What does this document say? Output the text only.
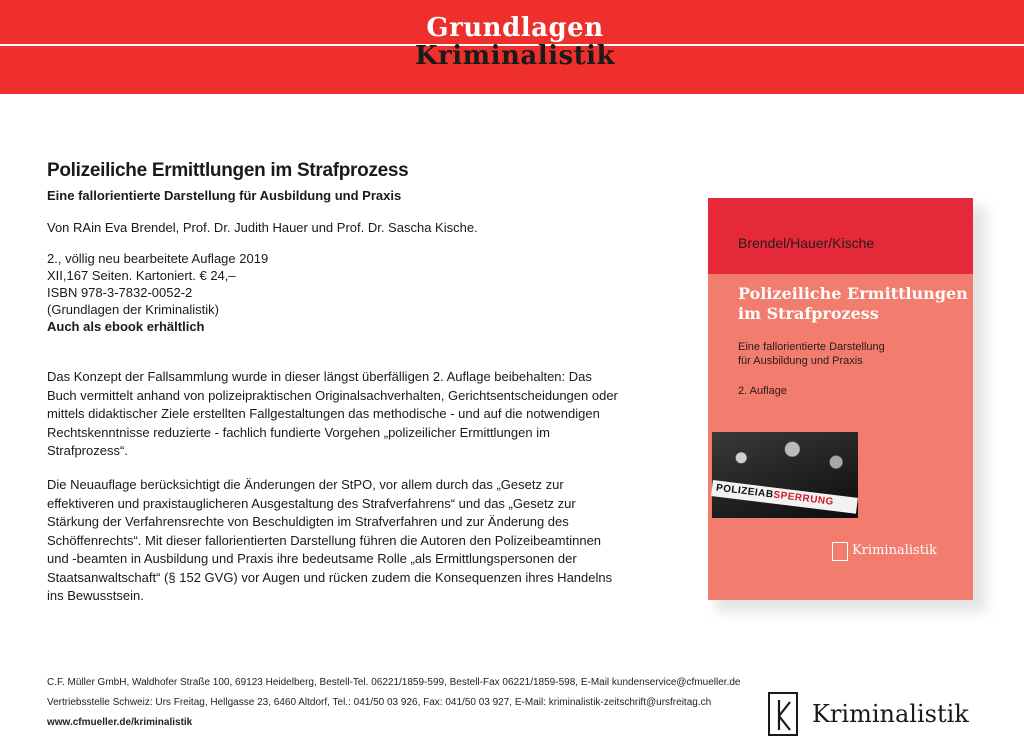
Grundlagen
Kriminalistik
Polizeiliche Ermittlungen im Strafprozess
Eine fallorientierte Darstellung für Ausbildung und Praxis

Von RAin Eva Brendel, Prof. Dr. Judith Hauer und Prof. Dr. Sascha Kische.

2., völlig neu bearbeitete Auflage 2019
XII,167 Seiten. Kartoniert. € 24,–
ISBN 978-3-7832-0052-2
(Grundlagen der Kriminalistik)
Auch als ebook erhältlich

Das Konzept der Fallsammlung wurde in dieser längst überfälligen 2. Auflage beibehalten: Das Buch vermittelt anhand von polizeipraktischen Originalsachverhalten, Gerichtsentscheidungen oder mittels didaktischer Ziele erstellten Fallgestaltungen das methodische - und auf die notwendigen Rechtskenntnisse reduzierte - fachlich fundierte Vorgehen „polizeilicher Ermittlungen im Strafprozess“.

Die Neuauflage berücksichtigt die Änderungen der StPO, vor allem durch das „Gesetz zur effektiveren und praxistauglicheren Ausgestaltung des Strafverfahrens“ und das „Gesetz zur Stärkung der Verfahrensrechte von Beschuldigten im Strafverfahren und zur Änderung des Schöffenrechts“. Mit dieser fallorientierten Darstellung führen die Autoren den Polizeibeamtinnen und -beamten in Ausbildung und Praxis ihre bedeutsame Rolle „als Ermittlungspersonen der Staatsanwaltschaft“ (§ 152 GVG) vor Augen und rücken zudem die Konsequenzen ihres Handelns ins Bewusstsein.

Brendel/Hauer/Kische
Polizeiliche Ermittlungen
im Strafprozess
Eine fallorientierte Darstellung
für Ausbildung und Praxis
2. Auflage
POLIZEIABSPERRUNG
Kriminalistik
C.F. Müller GmbH, Waldhofer Straße 100, 69123 Heidelberg, Bestell-Tel. 06221/1859-599, Bestell-Fax 06221/1859-598, E-Mail kundenservice@cfmueller.de
Vertriebsstelle Schweiz: Urs Freitag, Hellgasse 23, 6460 Altdorf, Tel.: 041/50 03 926, Fax: 041/50 03 927, E-Mail: kriminalistik-zeitschrift@ursfreitag.ch
www.cfmueller.de/kriminalistik	Kriminalistik
